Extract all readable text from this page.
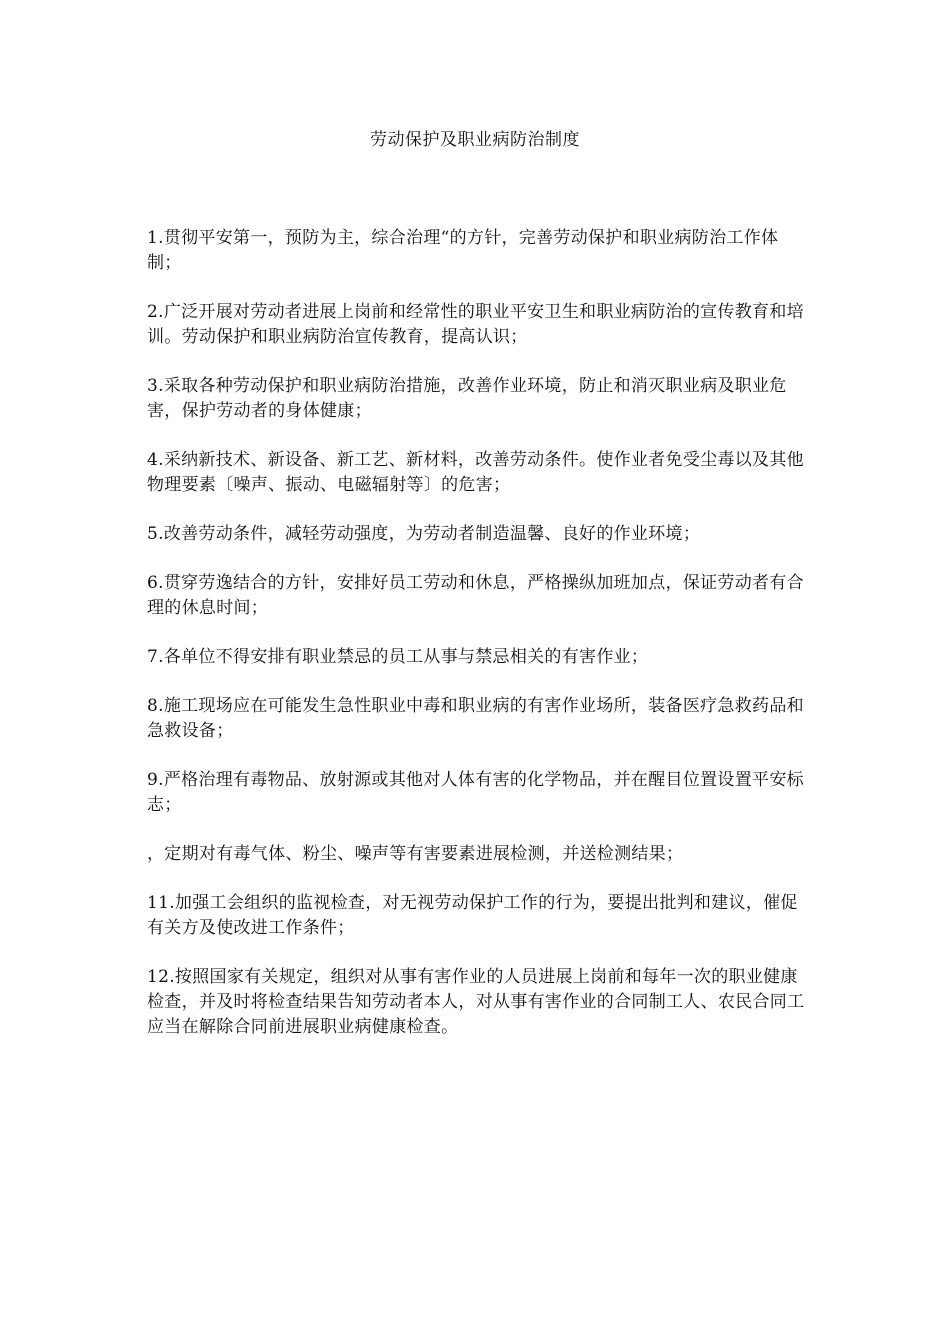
劳动保护及职业病防治制度

1.贯彻平安第一，预防为主，综合治理“的方针，完善劳动保护和职业病防治工作体制；

2.广泛开展对劳动者进展上岗前和经常性的职业平安卫生和职业病防治的宣传教育和培训。劳动保护和职业病防治宣传教育，提高认识；

3.采取各种劳动保护和职业病防治措施，改善作业环境，防止和消灭职业病及职业危害，保护劳动者的身体健康；

4.采纳新技术、新设备、新工艺、新材料，改善劳动条件。使作业者免受尘毒以及其他物理要素〔噪声、振动、电磁辐射等〕的危害；

5.改善劳动条件，减轻劳动强度，为劳动者制造温馨、良好的作业环境；

6.贯穿劳逸结合的方针，安排好员工劳动和休息，严格操纵加班加点，保证劳动者有合理的休息时间；

7.各单位不得安排有职业禁忌的员工从事与禁忌相关的有害作业；

8.施工现场应在可能发生急性职业中毒和职业病的有害作业场所，装备医疗急救药品和急救设备；

9.严格治理有毒物品、放射源或其他对人体有害的化学物品，并在醒目位置设置平安标志；

，定期对有毒气体、粉尘、噪声等有害要素进展检测，并送检测结果；

11.加强工会组织的监视检查，对无视劳动保护工作的行为，要提出批判和建议，催促有关方及使改进工作条件；

12.按照国家有关规定，组织对从事有害作业的人员进展上岗前和每年一次的职业健康检查，并及时将检查结果告知劳动者本人，对从事有害作业的合同制工人、农民合同工应当在解除合同前进展职业病健康检查。
